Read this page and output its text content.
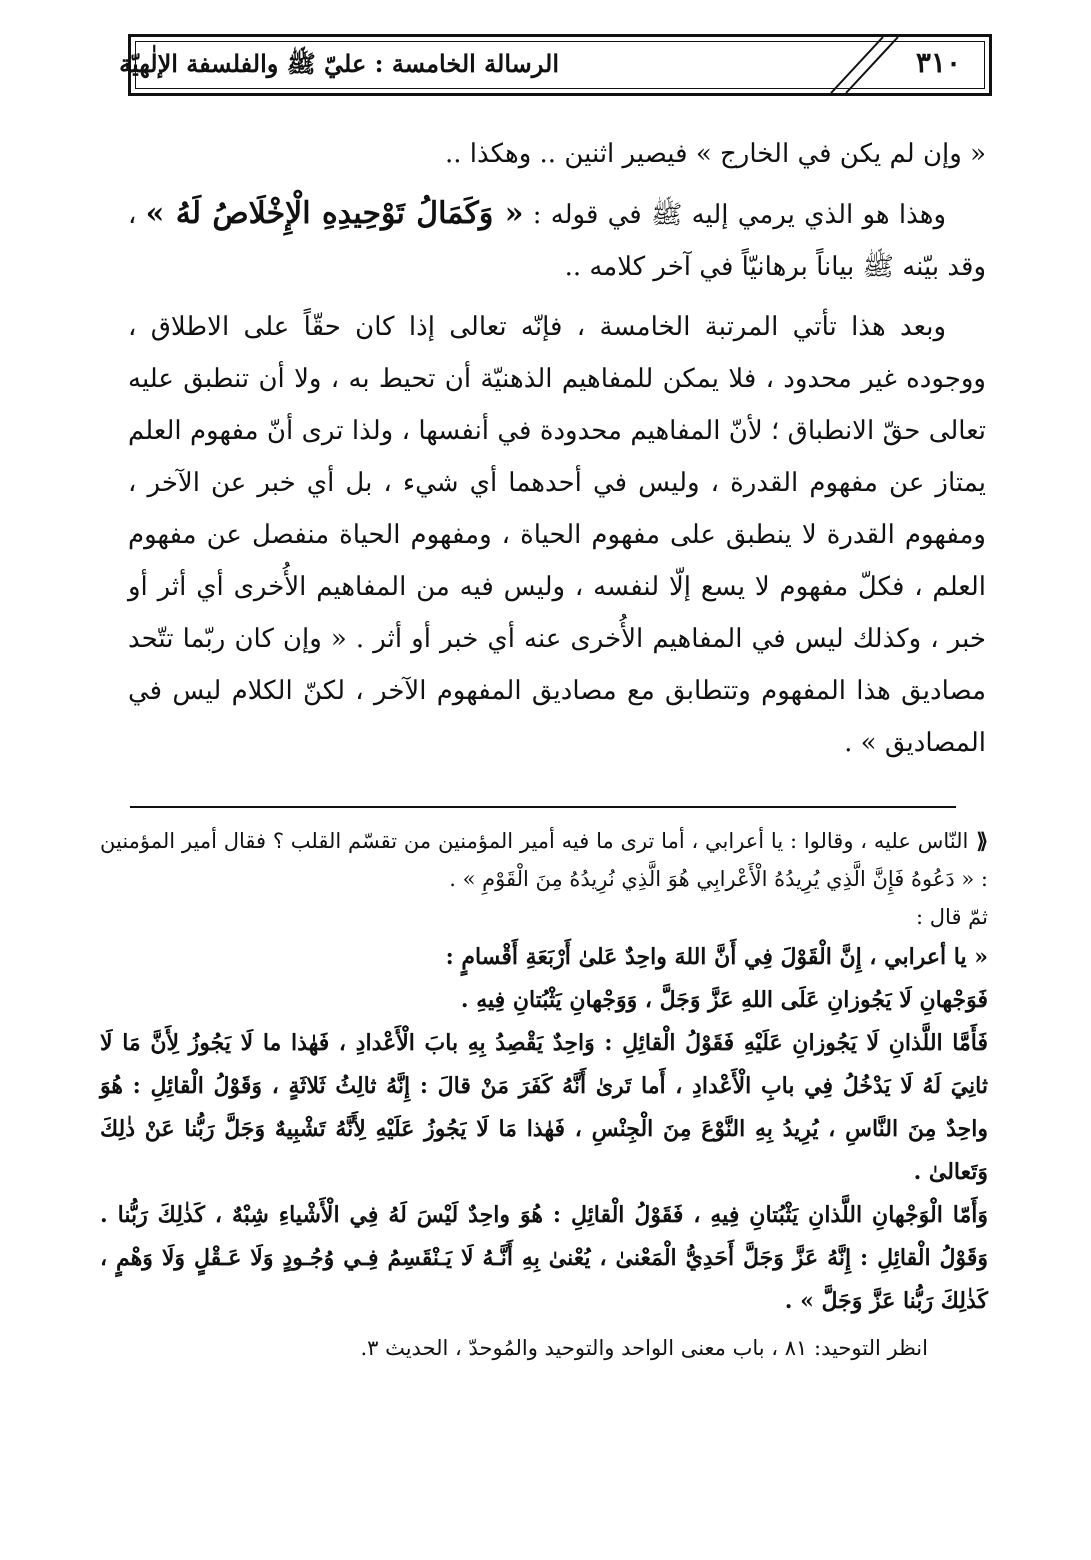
٣١٠
الرسالة الخامسة : عليّ ﷺ والفلسفة الإلٰهيّة

« وإن لم يكن في الخارج » فيصير اثنين .. وهكذا ..

وهذا هو الذي يرمي إليه ﷺ في قوله : « وَكَمَالُ تَوْحِيدِهِ الْإِخْلَاصُ لَهُ » ، وقد بيّنه ﷺ بياناً برهانيّاً في آخر كلامه ..

وبعد هذا تأتي المرتبة الخامسة ، فإنّه تعالى إذا كان حقّاً على الاطلاق ، ووجوده غير محدود ، فلا يمكن للمفاهيم الذهنيّة أن تحيط به ، ولا أن تنطبق عليه تعالى حقّ الانطباق ؛ لأنّ المفاهيم محدودة في أنفسها ، ولذا ترى أنّ مفهوم العلم يمتاز عن مفهوم القدرة ، وليس في أحدهما أي شيء ، بل أي خبر عن الآخر ، ومفهوم القدرة لا ينطبق على مفهوم الحياة ، ومفهوم الحياة منفصل عن مفهوم العلم ، فكلّ مفهوم لا يسع إلّا لنفسه ، وليس فيه من المفاهيم الأُخرى أي أثر أو خبر ، وكذلك ليس في المفاهيم الأُخرى عنه أي خبر أو أثر . « وإن كان ربّما تتّحد مصاديق هذا المفهوم وتتطابق مع مصاديق المفهوم الآخر ، لكنّ الكلام ليس في المصاديق » .

⟪النّاس عليه ، وقالوا : يا أعرابي ، أما ترى ما فيه أمير المؤمنين من تقسّم القلب ؟ فقال أمير المؤمنين : « دَعُوهُ فَإِنَّ الَّذِي يُرِيدُهُ الْأَعْرابِي هُوَ الَّذِي نُرِيدُهُ مِنَ الْقَوْمِ » .

ثمّ قال :

« يا أعرابي ، إِنَّ الْقَوْلَ فِي أَنَّ اللهَ واحِدٌ عَلىٰ أَرْبَعَةِ أَقْسامٍ :

فَوَجْهانِ لَا يَجُوزانِ عَلَى اللهِ عَزَّ وَجَلَّ ، وَوَجْهانِ يَثْبُتانِ فِيهِ .

فَأَمَّا اللَّذانِ لَا يَجُوزانِ عَلَيْهِ فَقَوْلُ الْقائِلِ : وَاحِدٌ يَقْصِدُ بِهِ بابَ الْأَعْدادِ ، فَهٰذا ما لَا يَجُوزُ لِأَنَّ مَا لَا ثانِيَ لَهُ لَا يَدْخُلُ فِي بابِ الْأَعْدادِ ، أَما تَرىٰ أَنَّهُ كَفَرَ مَنْ قالَ : إِنَّهُ ثالِثُ ثَلاثَةٍ ، وَقَوْلُ الْقائِلِ : هُوَ واحِدٌ مِنَ النَّاسِ ، يُرِيدُ بِهِ النَّوْعَ مِنَ الْجِنْسِ ، فَهٰذا مَا لَا يَجُوزُ عَلَيْهِ لِأَنَّهُ تَشْبِيهٌ وَجَلَّ رَبُّنا عَنْ ذٰلِكَ وَتَعالىٰ .

وَأَمّا الْوَجْهانِ اللَّذانِ يَثْبُتانِ فِيهِ ، فَقَوْلُ الْقائِلِ : هُوَ واحِدٌ لَيْسَ لَهُ فِي الْأَشْياءِ شِبْهٌ ، كَذٰلِكَ رَبُّنا . وَقَوْلُ الْقائِلِ : إِنَّهُ عَزَّ وَجَلَّ أَحَدِيُّ الْمَعْنىٰ ، يُعْنىٰ بِهِ أَنَّـهُ لَا يَـنْقَسِمُ فِـي وُجُـودٍ وَلَا عَـقْلٍ وَلَا وَهْمٍ ، كَذٰلِكَ رَبُّنا عَزَّ وَجَلَّ » .

انظر التوحيد: ٨١ ، باب معنى الواحد والتوحيد والمُوحدّ ، الحديث ٣.
